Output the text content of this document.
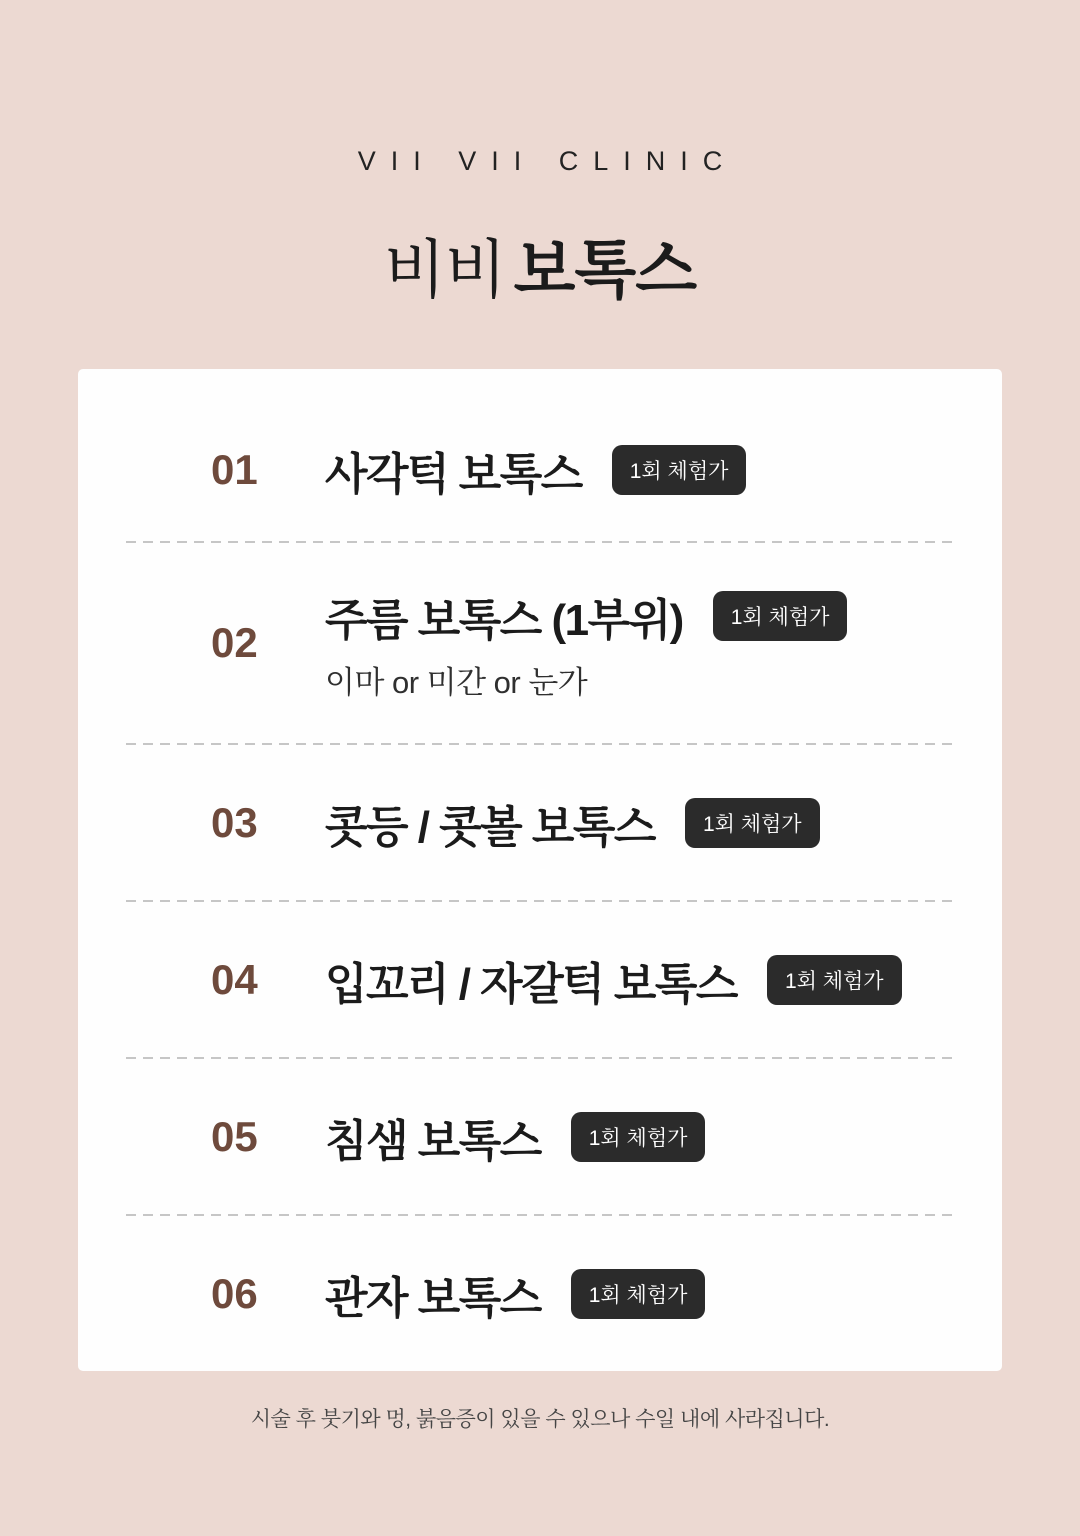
VII VII CLINIC
비비 보톡스
01	사각턱 보톡스	1회 체험가
02	주름 보톡스 (1부위)	1회 체험가
이마 or 미간 or 눈가
03	콧등 / 콧볼 보톡스	1회 체험가
04	입꼬리 / 자갈턱 보톡스	1회 체험가
05	침샘 보톡스	1회 체험가
06	관자 보톡스	1회 체험가
시술 후 붓기와 멍, 붉음증이 있을 수 있으나 수일 내에 사라집니다.
